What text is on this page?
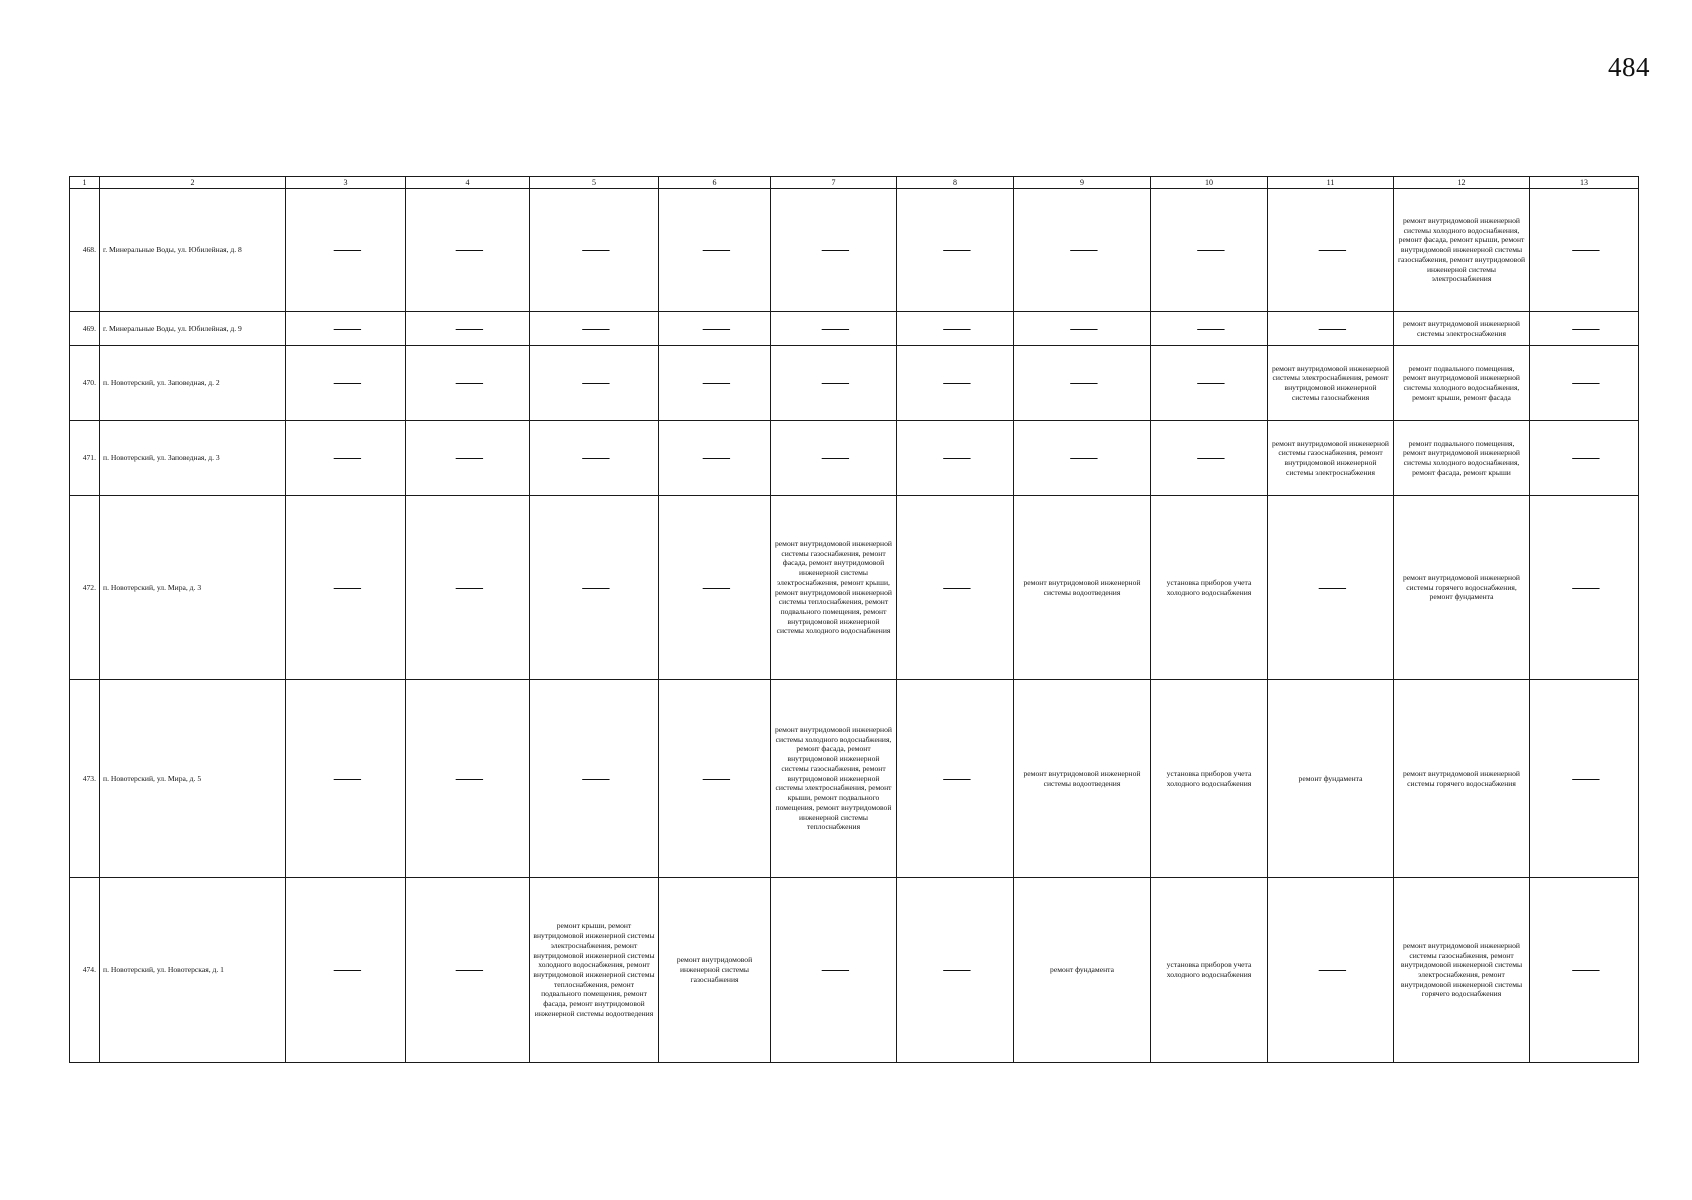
484
1	2	3	4	5	6	7	8	9	10	11	12	13
468.	г. Минеральные Воды, ул. Юбилейная, д. 8	—	—	—	—	—	—	—	—	—	ремонт внутридомовой инженерной системы холодного водоснабжения, ремонт фасада, ремонт крыши, ремонт внутридомовой инженерной системы газоснабжения, ремонт внутридомовой инженерной системы электроснабжения	—
469.	г. Минеральные Воды, ул. Юбилейная, д. 9	—	—	—	—	—	—	—	—	—	ремонт внутридомовой инженерной системы электроснабжения	—
470.	п. Новотерский, ул. Заповедная, д. 2	—	—	—	—	—	—	—	—	ремонт внутридомовой инженерной системы электроснабжения, ремонт внутридомовой инженерной системы газоснабжения	ремонт подвального помещения, ремонт внутридомовой инженерной системы холодного водоснабжения, ремонт крыши, ремонт фасада	—
471.	п. Новотерский, ул. Заповедная, д. 3	—	—	—	—	—	—	—	—	ремонт внутридомовой инженерной системы газоснабжения, ремонт внутридомовой инженерной системы электроснабжения	ремонт подвального помещения, ремонт внутридомовой инженерной системы холодного водоснабжения, ремонт фасада, ремонт крыши	—
472.	п. Новотерский, ул. Мира, д. 3	—	—	—	—	ремонт внутридомовой инженерной системы газоснабжения, ремонт фасада, ремонт внутридомовой инженерной системы электроснабжения, ремонт крыши, ремонт внутридомовой инженерной системы теплоснабжения, ремонт подвального помещения, ремонт внутридомовой инженерной системы холодного водоснабжения	—	ремонт внутридомовой инженерной системы водоотведения	установка приборов учета холодного водоснабжения	—	ремонт внутридомовой инженерной системы горячего водоснабжения, ремонт фундамента	—
473.	п. Новотерский, ул. Мира, д. 5	—	—	—	—	ремонт внутридомовой инженерной системы холодного водоснабжения, ремонт фасада, ремонт внутридомовой инженерной системы газоснабжения, ремонт внутридомовой инженерной системы электроснабжения, ремонт крыши, ремонт подвального помещения, ремонт внутридомовой инженерной системы теплоснабжения	—	ремонт внутридомовой инженерной системы водоотведения	установка приборов учета холодного водоснабжения	ремонт фундамента	ремонт внутридомовой инженерной системы горячего водоснабжения	—
474.	п. Новотерский, ул. Новотерская, д. 1	—	—	ремонт крыши, ремонт внутридомовой инженерной системы электроснабжения, ремонт внутридомовой инженерной системы холодного водоснабжения, ремонт внутридомовой инженерной системы теплоснабжения, ремонт подвального помещения, ремонт фасада, ремонт внутридомовой инженерной системы водоотведения	ремонт внутридомовой инженерной системы газоснабжения	—	—	ремонт фундамента	установка приборов учета холодного водоснабжения	—	ремонт внутридомовой инженерной системы газоснабжения, ремонт внутридомовой инженерной системы электроснабжения, ремонт внутридомовой инженерной системы горячего водоснабжения	—
